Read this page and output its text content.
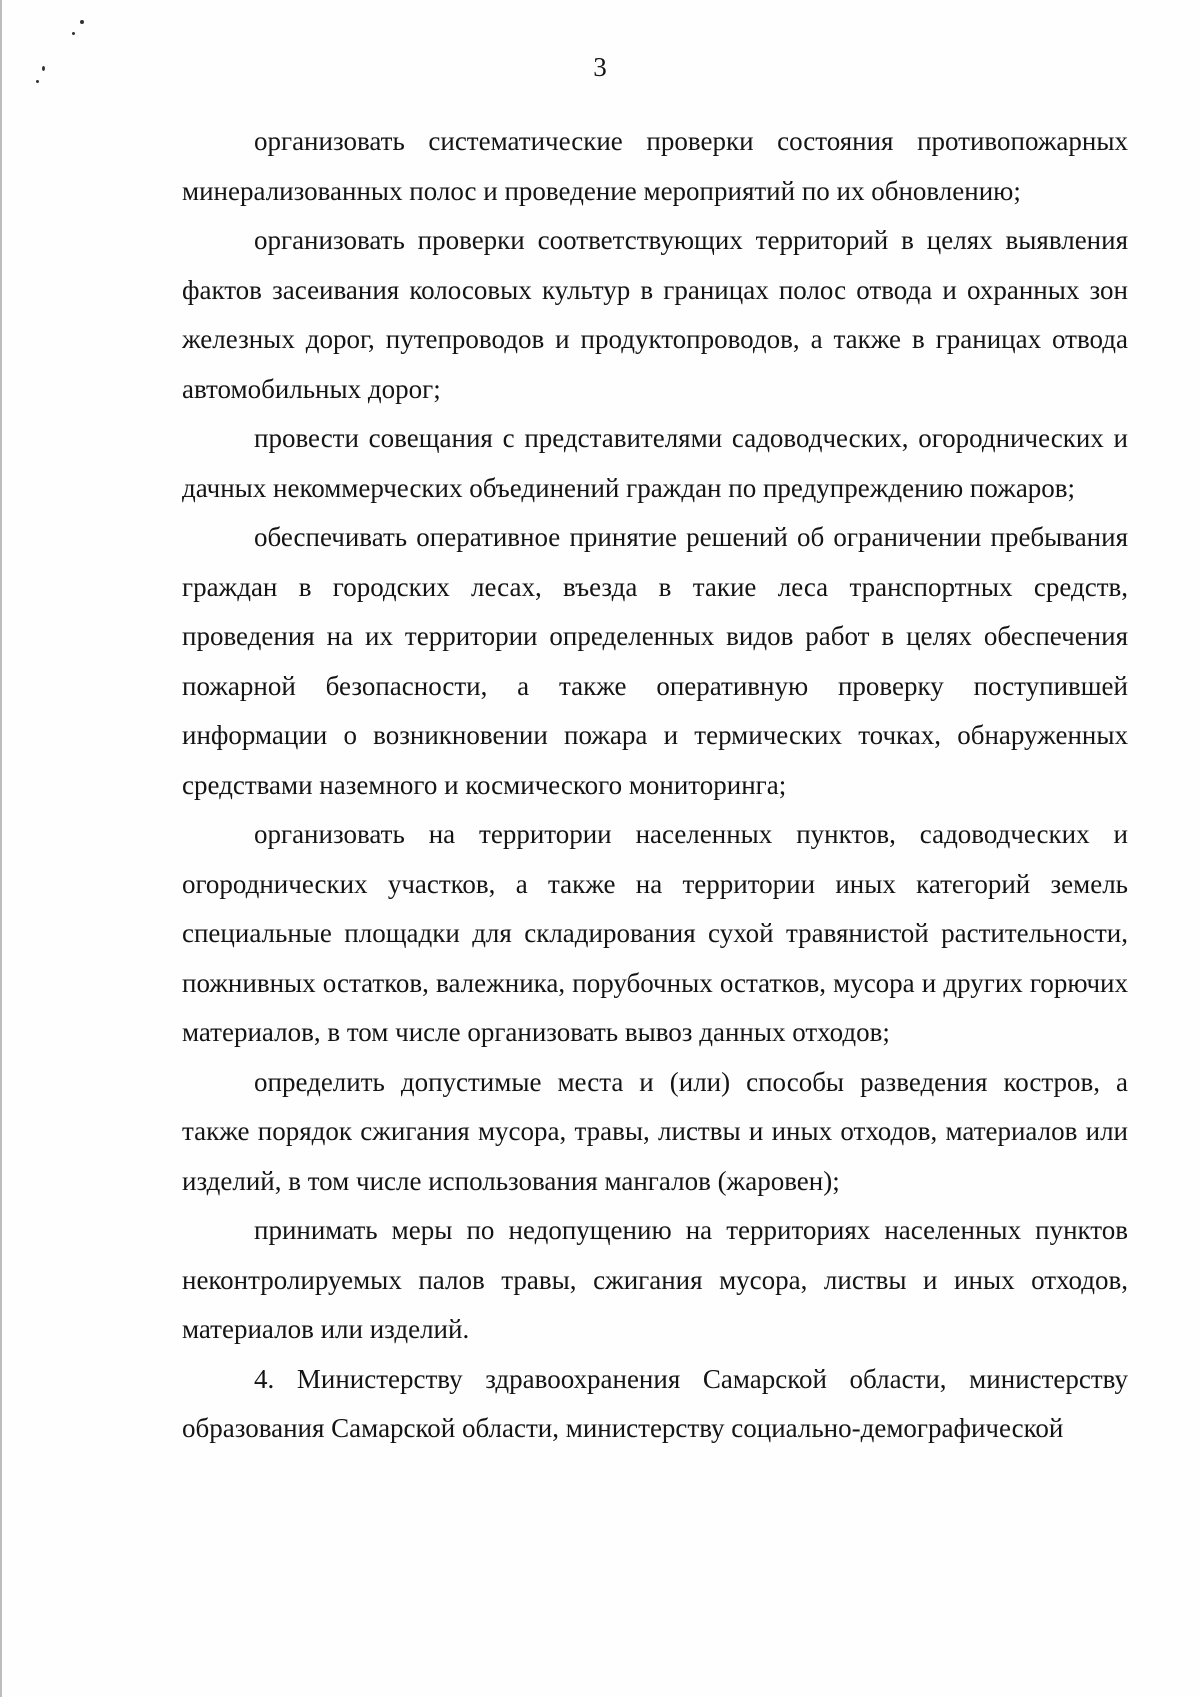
3

организовать систематические проверки состояния противопожарных минерализованных полос и проведение мероприятий по их обновлению;

организовать проверки соответствующих территорий в целях выявления фактов засеивания колосовых культур в границах полос отвода и охранных зон железных дорог, путепроводов и продуктопроводов, а также в границах отвода автомобильных дорог;

провести совещания с представителями садоводческих, огороднических и дачных некоммерческих объединений граждан по предупреждению пожаров;

обеспечивать оперативное принятие решений об ограничении пребывания граждан в городских лесах, въезда в такие леса транспортных средств, проведения на их территории определенных видов работ в целях обеспечения пожарной безопасности, а также оперативную проверку поступившей информации о возникновении пожара и термических точках, обнаруженных средствами наземного и космического мониторинга;

организовать на территории населенных пунктов, садоводческих и огороднических участков, а также на территории иных категорий земель специальные площадки для складирования сухой травянистой растительности, пожнивных остатков, валежника, порубочных остатков, мусора и других горючих материалов, в том числе организовать вывоз данных отходов;

определить допустимые места и (или) способы разведения костров, а также порядок сжигания мусора, травы, листвы и иных отходов, материалов или изделий, в том числе использования мангалов (жаровен);

принимать меры по недопущению на территориях населенных пунктов неконтролируемых палов травы, сжигания мусора, листвы и иных отходов, материалов или изделий.

4. Министерству здравоохранения Самарской области, министерству образования Самарской области, министерству социально-демографической
